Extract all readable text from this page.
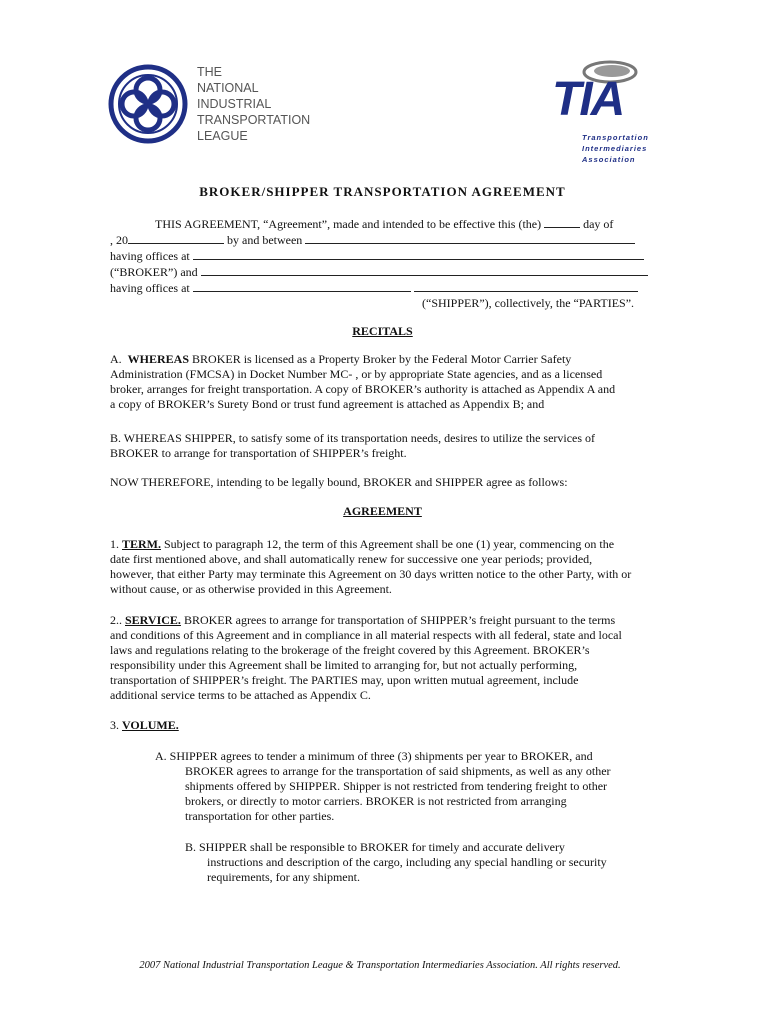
THE
NATIONAL
INDUSTRIAL
TRANSPORTATION
LEAGUE
TIA
Transportation
Intermediaries
Association
BROKER/SHIPPER TRANSPORTATION AGREEMENT
THIS AGREEMENT, “Agreement”, made and intended to be effective this (the)	day of
, 20	by and between
having offices at
(“BROKER”) and
having offices at
(“SHIPPER”), collectively, the “PARTIES”.
RECITALS
A. WHEREAS BROKER is licensed as a Property Broker by the Federal Motor Carrier Safety
Administration (FMCSA) in Docket Number MC- , or by appropriate State agencies, and as a licensed
broker, arranges for freight transportation. A copy of BROKER’s authority is attached as Appendix A and
a copy of BROKER’s Surety Bond or trust fund agreement is attached as Appendix B; and
B. WHEREAS SHIPPER, to satisfy some of its transportation needs, desires to utilize the services of
BROKER to arrange for transportation of SHIPPER’s freight.
NOW THEREFORE, intending to be legally bound, BROKER and SHIPPER agree as follows:
AGREEMENT
1. TERM. Subject to paragraph 12, the term of this Agreement shall be one (1) year, commencing on the
date first mentioned above, and shall automatically renew for successive one year periods; provided,
however, that either Party may terminate this Agreement on 30 days written notice to the other Party, with or
without cause, or as otherwise provided in this Agreement.
2.. SERVICE. BROKER agrees to arrange for transportation of SHIPPER’s freight pursuant to the terms
and conditions of this Agreement and in compliance in all material respects with all federal, state and local
laws and regulations relating to the brokerage of the freight covered by this Agreement. BROKER’s
responsibility under this Agreement shall be limited to arranging for, but not actually performing,
transportation of SHIPPER’s freight. The PARTIES may, upon written mutual agreement, include
additional service terms to be attached as Appendix C.
3. VOLUME.
A. SHIPPER agrees to tender a minimum of three (3) shipments per year to BROKER, and
BROKER agrees to arrange for the transportation of said shipments, as well as any other
shipments offered by SHIPPER. Shipper is not restricted from tendering freight to other
brokers, or directly to motor carriers. BROKER is not restricted from arranging
transportation for other parties.
B. SHIPPER shall be responsible to BROKER for timely and accurate delivery
instructions and description of the cargo, including any special handling or security
requirements, for any shipment.
2007 National Industrial Transportation League & Transportation Intermediaries Association. All rights reserved.
